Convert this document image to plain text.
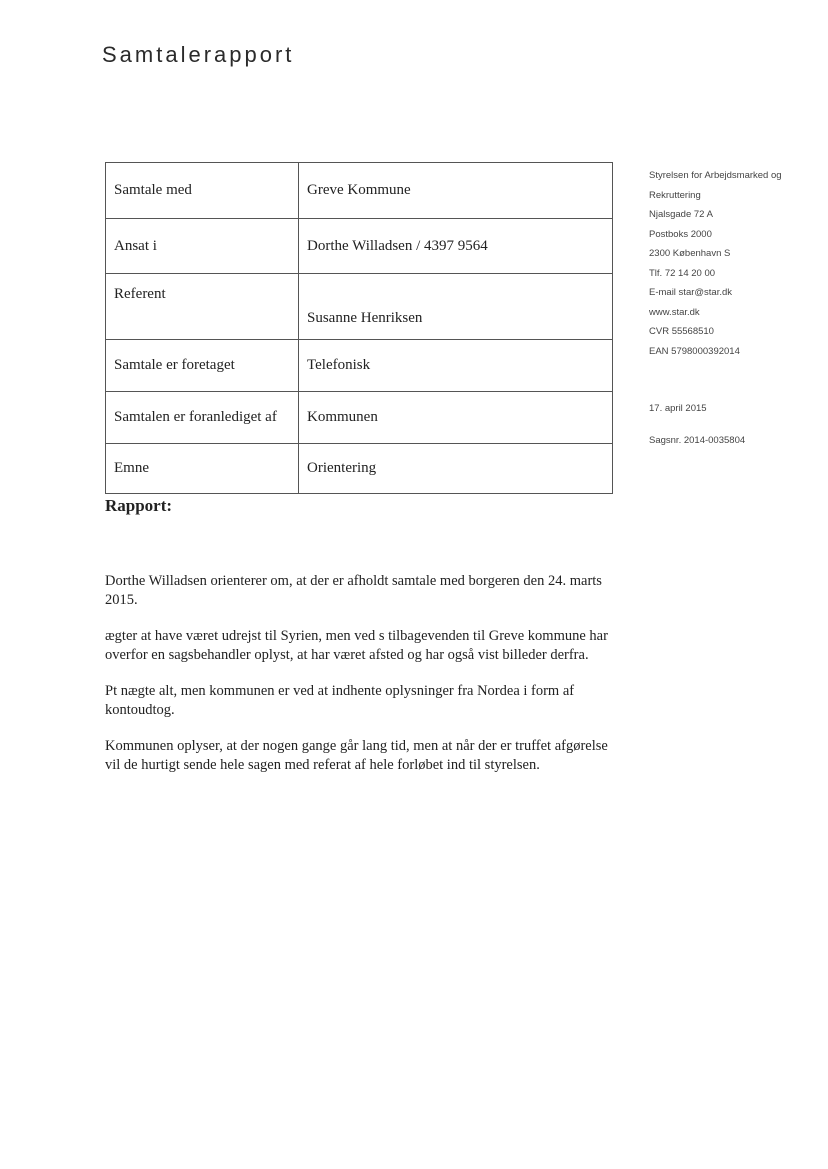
Samtalerapport
Samtale med	Greve Kommune
Ansat i	Dorthe Willadsen / 4397 9564
Referent	Susanne Henriksen
Samtale er foretaget	Telefonisk
Samtalen er foranlediget af	Kommunen
Emne	Orientering
Styrelsen for Arbejdsmarked og
Rekruttering
Njalsgade 72 A
Postboks 2000
2300 København S
Tlf. 72 14 20 00
E-mail star@star.dk
www.star.dk
CVR 55568510
EAN 5798000392014
17. april 2015
Sagsnr. 2014-0035804
Rapport:

Dorthe Willadsen orienterer om, at der er afholdt samtale med borgeren den 24. marts 2015.

ægter at have været udrejst til Syrien, men ved s tilbagevenden til Greve kommune har overfor en sagsbehandler oplyst, at har været afsted og har også vist billeder derfra.

Pt nægte alt, men kommunen er ved at indhente oplysninger fra Nordea i form af kontoudtog.

Kommunen oplyser, at der nogen gange går lang tid, men at når der er truffet afgørelse vil de hurtigt sende hele sagen med referat af hele forløbet ind til styrelsen.
